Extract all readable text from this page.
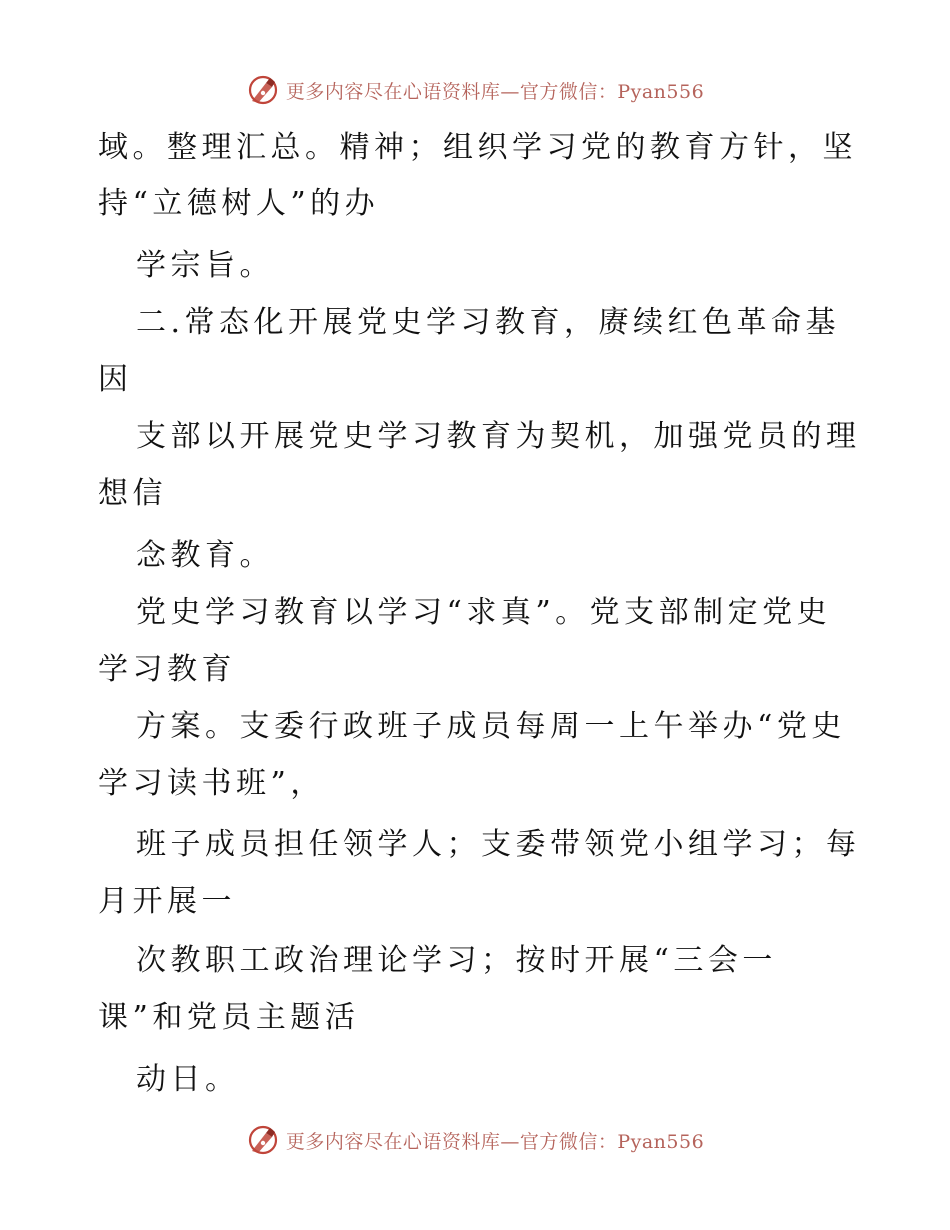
更多内容尽在心语资料库—官方微信：Pyan556
域。整理汇总。精神；组织学习党的教育方针，坚
持“立德树人”的办
学宗旨。
二.常态化开展党史学习教育，赓续红色革命基
因
支部以开展党史学习教育为契机，加强党员的理
想信
念教育。
党史学习教育以学习“求真”。党支部制定党史
学习教育
方案。支委行政班子成员每周一上午举办“党史
学习读书班”，
班子成员担任领学人；支委带领党小组学习；每
月开展一
次教职工政治理论学习；按时开展“三会一
课”和党员主题活
动日。
更多内容尽在心语资料库—官方微信：Pyan556
